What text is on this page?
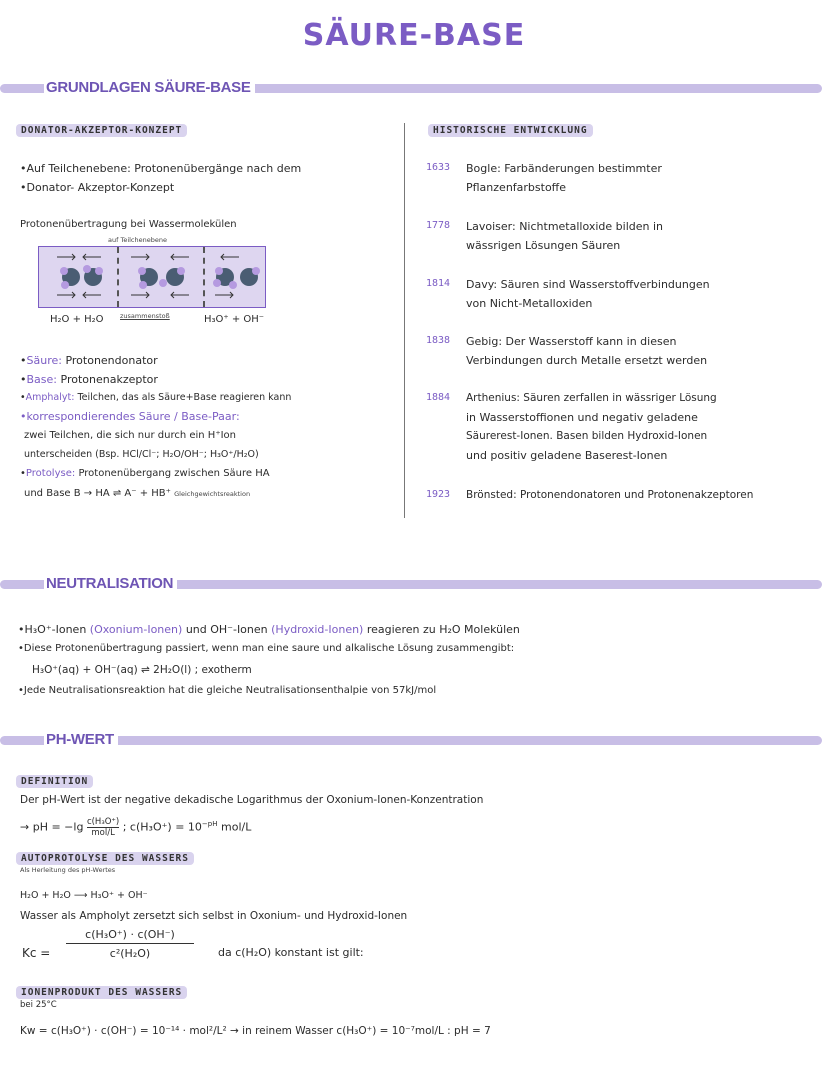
SÄURE-BASE
GRUNDLAGEN SÄURE-BASE
DONATOR-AKZEPTOR-KONZEPT
•Auf Teilchenebene: Protonenübergänge nach dem
•Donator- Akzeptor-Konzept
Protonenübertragung bei Wassermolekülen
auf Teilchenebene
H₂O + H₂O	zusammenstoß	H₃O⁺ + OH⁻
•Säure: Protonendonator
•Base: Protonenakzeptor
•Amphalyt: Teilchen, das als Säure+Base reagieren kann
•korrespondierendes Säure / Base-Paar:
zwei Teilchen, die sich nur durch ein H⁺Ion
unterscheiden (Bsp. HCl/Cl⁻; H₂O/OH⁻; H₃O⁺/H₂O)
•Protolyse: Protonenübergang zwischen Säure HA
und Base B → HA ⇌ A⁻ + HB⁺ Gleichgewichtsreaktion
HISTORISCHE ENTWICKLUNG
1633 Bogle: Farbänderungen bestimmter
Pflanzenfarbstoffe
1778 Lavoiser: Nichtmetalloxide bilden in
wässrigen Lösungen Säuren
1814 Davy: Säuren sind Wasserstoffverbindungen
von Nicht-Metalloxiden
1838 Gebig: Der Wasserstoff kann in diesen
Verbindungen durch Metalle ersetzt werden
1884 Arthenius: Säuren zerfallen in wässriger Lösung
in Wasserstoffionen und negativ geladene
Säurerest-Ionen. Basen bilden Hydroxid-Ionen
und positiv geladene Baserest-Ionen
1923 Brönsted: Protonendonatoren und Protonenakzeptoren
NEUTRALISATION
•H₃O⁺-Ionen (Oxonium-Ionen) und OH⁻-Ionen (Hydroxid-Ionen) reagieren zu H₂O Molekülen
•Diese Protonenübertragung passiert, wenn man eine saure und alkalische Lösung zusammengibt:
H₃O⁺(aq) + OH⁻(aq) ⇌ 2H₂O(l) ; exotherm
•Jede Neutralisationsreaktion hat die gleiche Neutralisationsenthalpie von 57kJ/mol
PH-WERT
DEFINITION
Der pH-Wert ist der negative dekadische Logarithmus der Oxonium-Ionen-Konzentration
→ pH = −lg c(H₃O⁺)
mol/L ; $c(H_3O^+) = 10^{-pH}$ mol/L
AUTOPROTOLYSE DES WASSERS
Als Herleitung des pH-Wertes
H₂O + H₂O ⟶ H₃O⁺ + OH⁻
Wasser als Ampholyt zersetzt sich selbst in Oxonium- und Hydroxid-Ionen
Kc =
c(H₃O⁺) · c(OH⁻)
c²(H₂O)	da c(H₂O) konstant ist gilt:
IONENPRODUKT DES WASSERS
bei 25°C
Kw = c(H₃O⁺) · c(OH⁻) = 10⁻¹⁴ · mol²/L² → in reinem Wasser c(H₃O⁺) = 10⁻⁷mol/L : pH = 7
